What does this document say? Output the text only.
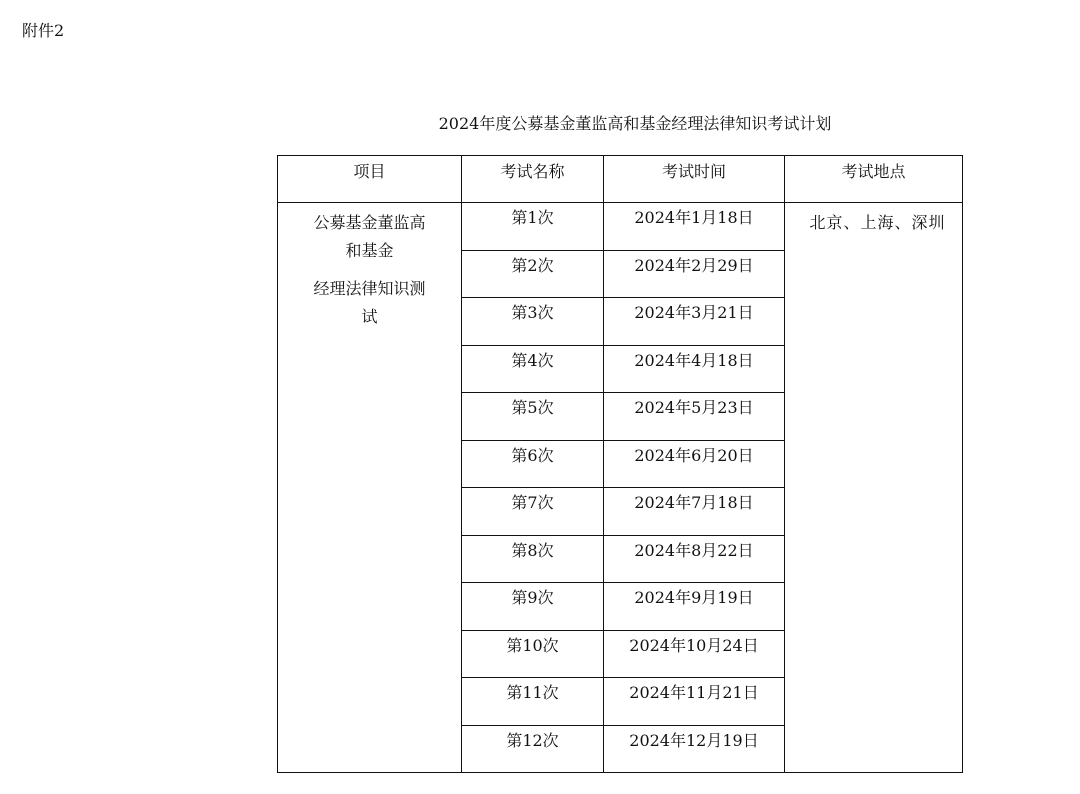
附件2
2024年度公募基金董监高和基金经理法律知识考试计划
项目	考试名称	考试时间	考试地点

公募基金董监高
和基金
经理法律知识测
试	第1次	2024年1月18日	北京、上海、深圳
	第2次	2024年2月29日	
	第3次	2024年3月21日	
	第4次	2024年4月18日	
	第5次	2024年5月23日	
	第6次	2024年6月20日	
	第7次	2024年7月18日	
	第8次	2024年8月22日	
	第9次	2024年9月19日	
	第10次	2024年10月24日	
	第11次	2024年11月21日	
	第12次	2024年12月19日	
